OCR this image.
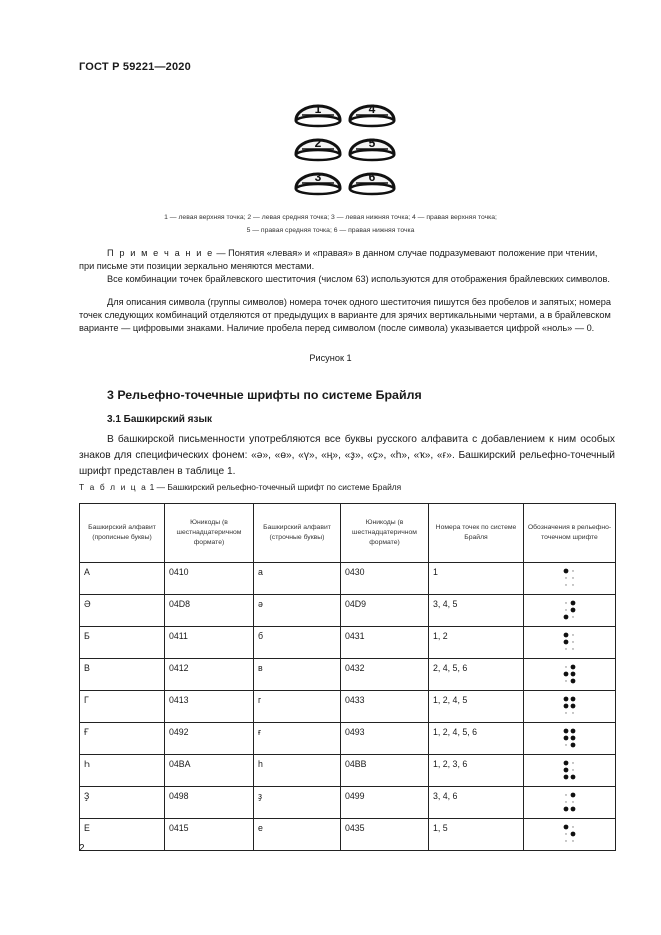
ГОСТ Р 59221—2020
1	4
2	5
3	6
1 — левая верхняя точка; 2 — левая средняя точка; 3 — левая нижняя точка; 4 — правая верхняя точка;
5 — правая средняя точка; 6 — правая нижняя точка
П р и м е ч а н и е — Понятия «левая» и «правая» в данном случае подразумевают положение при чтении, при письме эти позиции зеркально меняются местами.
Все комбинации точек брайлевского шеститочия (числом 63) используются для отображения брайлевских символов.
Для описания символа (группы символов) номера точек одного шеститочия пишутся без пробелов и запятых; номера точек следующих комбинаций отделяются от предыдущих в варианте для зрячих вертикальными чертами, а в брайлевском варианте — цифровыми знаками. Наличие пробела перед символом (после символа) указывается цифрой «ноль» — 0.
Рисунок 1
3 Рельефно-точечные шрифты по системе Брайля
3.1 Башкирский язык
В башкирской письменности употребляются все буквы русского алфавита с добавлением к ним особых знаков для специфических фонем: «ә», «ө», «ү», «ң», «ҙ», «ҫ», «һ», «ҡ», «ғ». Башкирский рельефно-точечный шрифт представлен в таблице 1.
Т а б л и ц а 1 — Башкирский рельефно-точечный шрифт по системе Брайля
Башкирский алфавит (прописные буквы)	Юникоды (в шестнадцатеричном формате)	Башкирский алфавит (строчные буквы)	Юникоды (в шестнадцатеричном формате)	Номера точек по системе Брайля	Обозначения в рельефно-точечном шрифте

А	0410	а	0430	1

Ә	04D8	ә	04D9	3, 4, 5

Б	0411	б	0431	1, 2

В	0412	в	0432	2, 4, 5, 6

Г	0413	г	0433	1, 2, 4, 5

Ғ	0492	ғ	0493	1, 2, 4, 5, 6

Һ	04BA	һ	04BB	1, 2, 3, 6

Ҙ	0498	ҙ	0499	3, 4, 6

Е	0415	е	0435	1, 5

2
